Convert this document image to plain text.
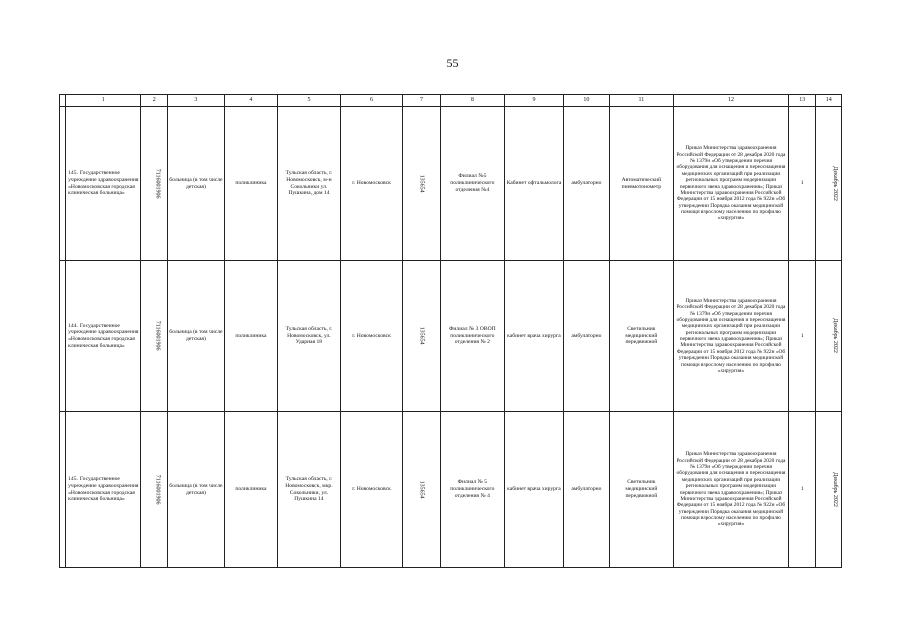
55
	1	2	3	4	5	6	7	8	9	10	11	12	13	14

	145. Государственное учреждение здравоохранения «Новомосковская городская клиническая больница»	7116001906	больница (в том числе детская)	поликлиника	Тульская область, г. Новомосковск, м-н Сокольники ул. Пушкина, дом 14	г. Новомосковск	135654	Филиал №5 поликлинического отделения №4	Кабинет офтальмолога	амбулаторно	Автоматический пневмотонометр	Приказ Министерства здравоохранения Российской Федерации от 28 декабря 2020 года № 1379н «Об утверждении перечня оборудования для оснащения и переоснащения медицинских организаций при реализации региональных программ модернизации первичного звена здравоохранения»; Приказ Министерства здравоохранения Российской Федерации от 15 ноября 2012 года № 922н «Об утверждении Порядка оказания медицинской помощи взрослому населению по профилю «хирургия»	1	Декабрь 2022

	144. Государственное учреждение здравоохранения «Новомосковская городская клиническая больница»	7116001906	больница (в том числе детская)	поликлиника	Тульская область, г. Новомосковск, ул. Ударная 18	г. Новомосковск	135654	Филиал № 3 ОВОП поликлинического отделения № 2	кабинет врача хирурга	амбулаторно	Светильник медицинский передвижной	Приказ Министерства здравоохранения Российской Федерации от 28 декабря 2020 года № 1379н «Об утверждении перечня оборудования для оснащения и переоснащения медицинских организаций при реализации региональных программ модернизации первичного звена здравоохранения»; Приказ Министерства здравоохранения Российской Федерации от 15 ноября 2012 года № 922н «Об утверждении Порядка оказания медицинской помощи взрослому населению по профилю «хирургия»	1	Декабрь 2022

	145. Государственное учреждение здравоохранения «Новомосковская городская клиническая больница»	7116001906	больница (в том числе детская)	поликлиника	Тульская область, г. Новомосковск, мкр. Сокольники, ул. Пушкина 14	г. Новомосковск	135654	Филиал № 5 поликлинического отделения № 4	кабинет врача хирурга	амбулаторно	Светильник медицинский передвижной	Приказ Министерства здравоохранения Российской Федерации от 28 декабря 2020 года № 1379н «Об утверждении перечня оборудования для оснащения и переоснащения медицинских организаций при реализации региональных программ модернизации первичного звена здравоохранения»; Приказ Министерства здравоохранения Российской Федерации от 15 ноября 2012 года № 922н «Об утверждении Порядка оказания медицинской помощи взрослому населению по профилю «хирургия»	1	Декабрь 2022
